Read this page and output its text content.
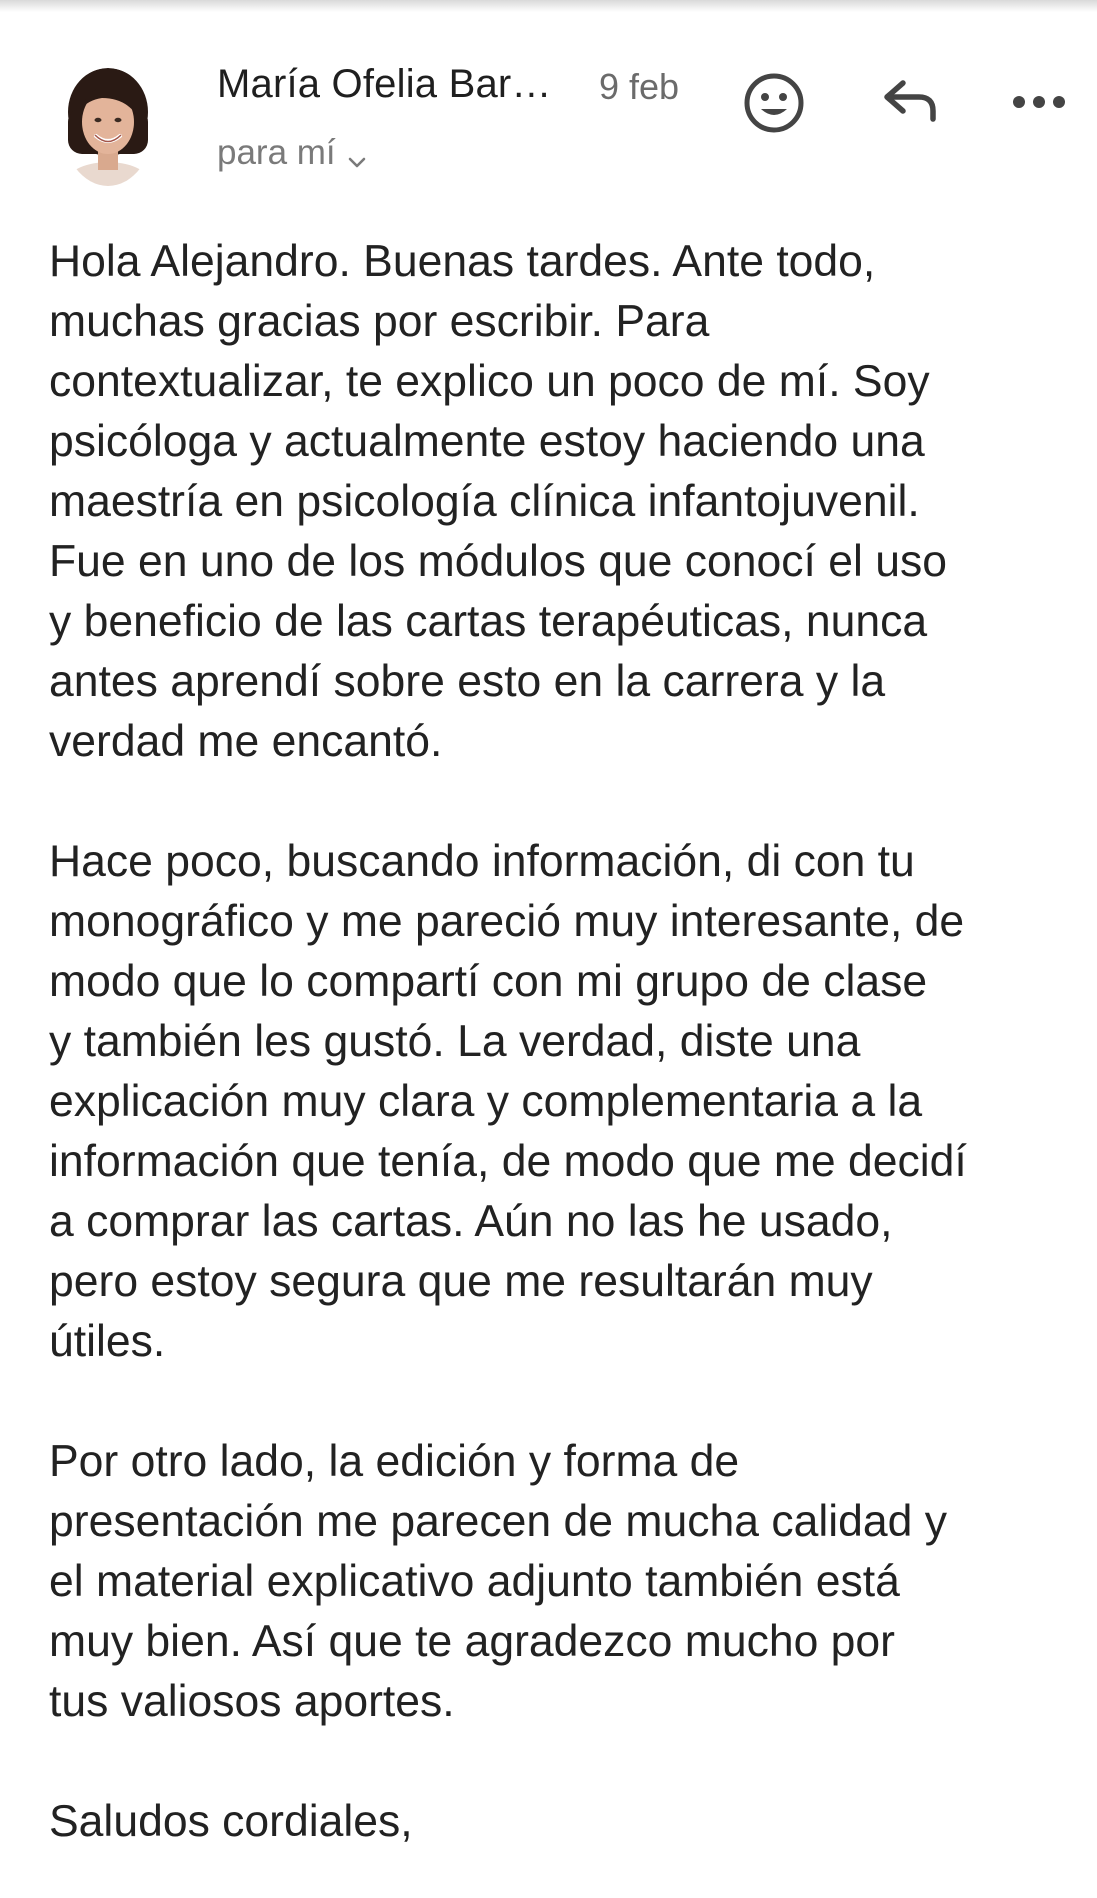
María Ofelia Bar… 9 feb
para mí
Hola Alejandro. Buenas tardes. Ante todo,
muchas gracias por escribir. Para
contextualizar, te explico un poco de mí. Soy
psicóloga y actualmente estoy haciendo una
maestría en psicología clínica infantojuvenil.
Fue en uno de los módulos que conocí el uso
y beneficio de las cartas terapéuticas, nunca
antes aprendí sobre esto en la carrera y la
verdad me encantó.
Hace poco, buscando información, di con tu
monográfico y me pareció muy interesante, de
modo que lo compartí con mi grupo de clase
y también les gustó. La verdad, diste una
explicación muy clara y complementaria a la
información que tenía, de modo que me decidí
a comprar las cartas. Aún no las he usado,
pero estoy segura que me resultarán muy
útiles.
Por otro lado, la edición y forma de
presentación me parecen de mucha calidad y
el material explicativo adjunto también está
muy bien. Así que te agradezco mucho por
tus valiosos aportes.
Saludos cordiales,
